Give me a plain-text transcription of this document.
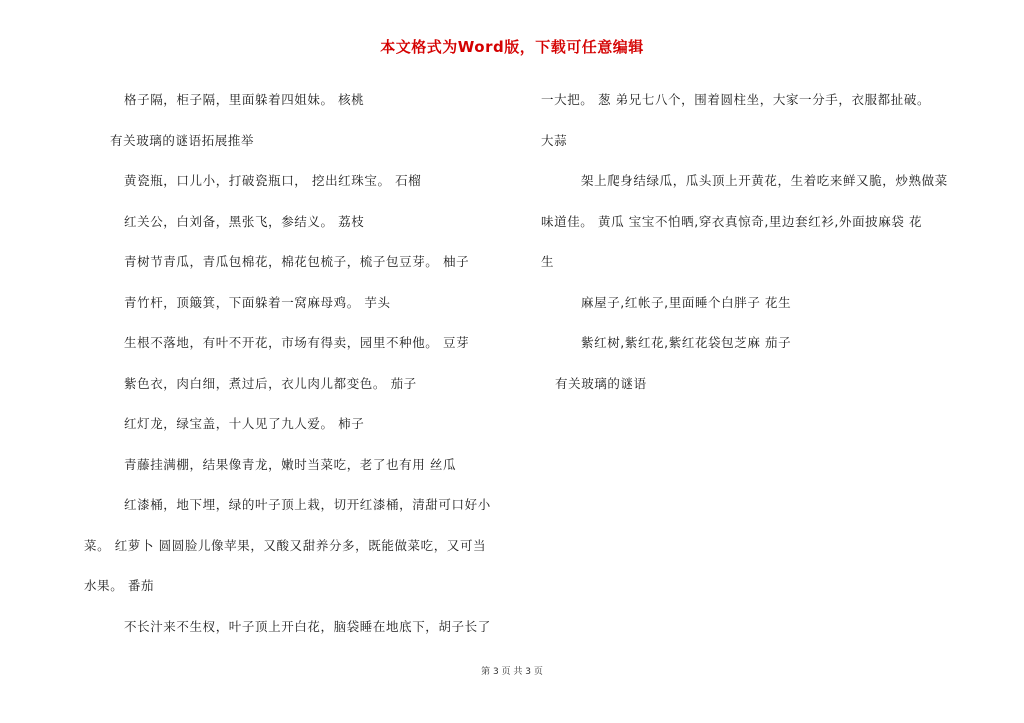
本文格式为Word版，下载可任意编辑
格子隔，柜子隔，里面躲着四姐妹。 核桃
有关玻璃的谜语拓展推举
黄瓷瓶，口儿小，打破瓷瓶口， 挖出红珠宝。 石榴
红关公，白刘备，黑张飞，参结义。 荔枝
青树节青瓜，青瓜包棉花，棉花包梳子，梳子包豆芽。 柚子
青竹杆，顶簸箕，下面躲着一窝麻母鸡。 芋头
生根不落地，有叶不开花，市场有得卖，园里不种他。 豆芽
紫色衣，肉白细，煮过后，衣儿肉儿都变色。 茄子
红灯龙，绿宝盖，十人见了九人爱。 柿子
青藤挂满棚，结果像青龙，嫩时当菜吃，老了也有用 丝瓜
红漆桶，地下埋，绿的叶子顶上栽，切开红漆桶，清甜可口好小
菜。 红萝卜 圆圆脸儿像苹果，又酸又甜养分多，既能做菜吃，又可当
水果。 番茄
不长汁来不生杈，叶子顶上开白花，脑袋睡在地底下，胡子长了
一大把。 葱 弟兄七八个，围着圆柱坐，大家一分手，衣服都扯破。
大蒜
架上爬身结绿瓜，瓜头顶上开黄花，生着吃来鲜又脆，炒熟做菜
味道佳。 黄瓜 宝宝不怕晒,穿衣真惊奇,里边套红衫,外面披麻袋 花
生
麻屋子,红帐子,里面睡个白胖子 花生
紫红树,紫红花,紫红花袋包芝麻 茄子
有关玻璃的谜语
第 3 页 共 3 页
